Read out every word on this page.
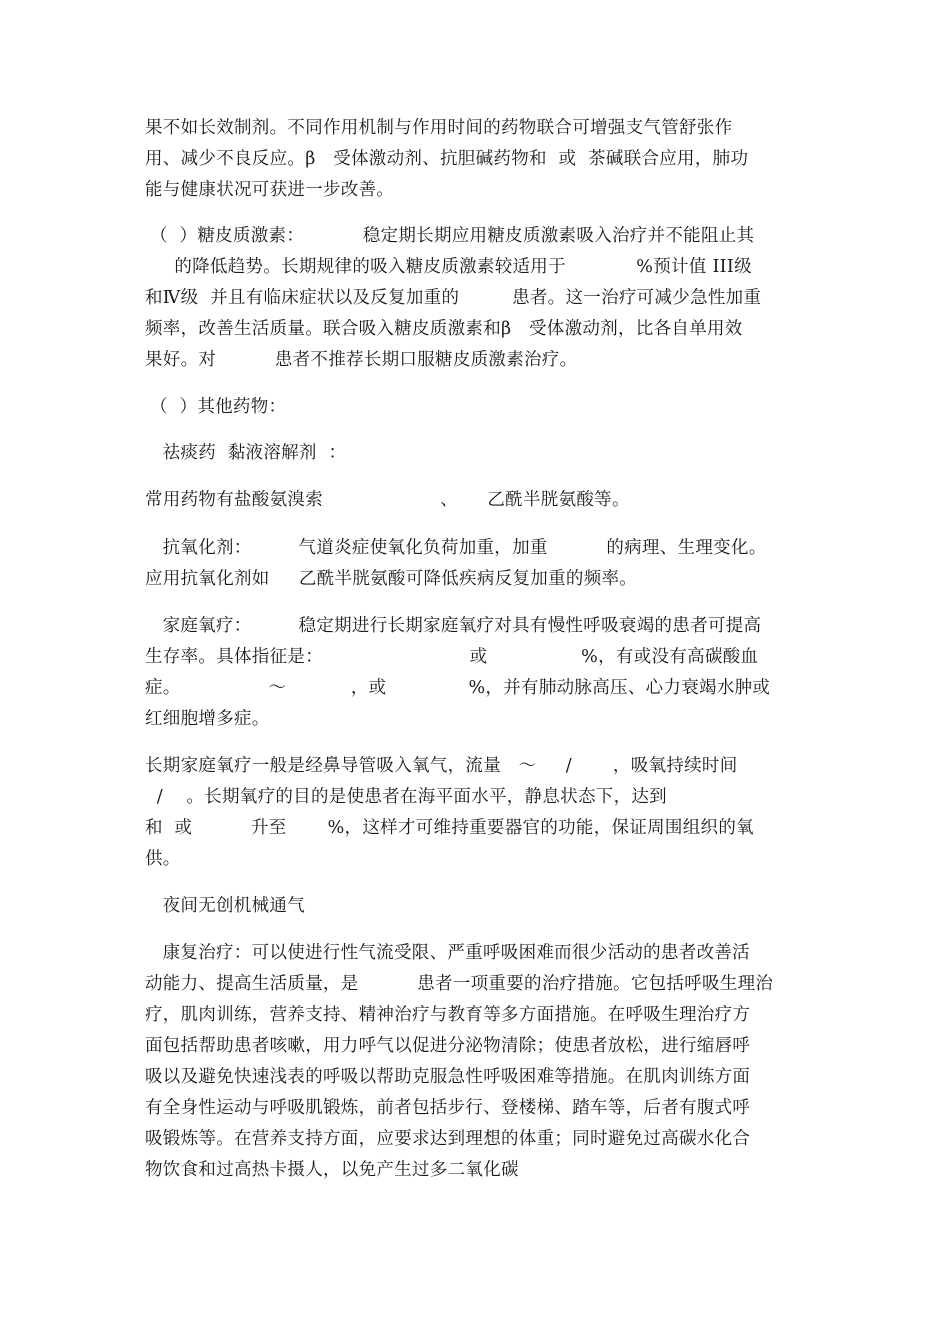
果不如长效制剂。不同作用机制与作用时间的药物联合可增强支气管舒张作
用、减少不良反应。β   受体激动剂、抗胆碱药物和  或  茶碱联合应用，肺功
能与健康状况可获进一步改善。
（  ）糖皮质激素：          稳定期长期应用糖皮质激素吸入治疗并不能阻止其
的降低趋势。长期规律的吸入糖皮质激素较适用于            %预计值 III级
和Ⅳ级  并且有临床症状以及反复加重的         患者。这一治疗可减少急性加重
频率，改善生活质量。联合吸入糖皮质激素和β   受体激动剂，比各自单用效
果好。对          患者不推荐长期口服糖皮质激素治疗。
（  ）其他药物：
祛痰药  黏液溶解剂  ：
常用药物有盐酸氨溴索                    、     乙酰半胱氨酸等。
抗氧化剂：        气道炎症使氧化负荷加重，加重          的病理、生理变化。
应用抗氧化剂如     乙酰半胱氨酸可降低疾病反复加重的频率。
家庭氧疗：        稳定期进行长期家庭氧疗对具有慢性呼吸衰竭的患者可提高
生存率。具体指征是：                         或                %，有或没有高碳酸血
症。               ～           ，或              %，并有肺动脉高压、心力衰竭水肿或
红细胞增多症。
长期家庭氧疗一般是经鼻导管吸入氧气，流量   ～     /       ，吸氧持续时间
/    。长期氧疗的目的是使患者在海平面水平，静息状态下，达到
和  或          升至       %，这样才可维持重要器官的功能，保证周围组织的氧
供。
夜间无创机械通气
康复治疗：可以使进行性气流受限、严重呼吸困难而很少活动的患者改善活
动能力、提高生活质量，是          患者一项重要的治疗措施。它包括呼吸生理治
疗，肌肉训练，营养支持、精神治疗与教育等多方面措施。在呼吸生理治疗方
面包括帮助患者咳嗽，用力呼气以促进分泌物清除；使患者放松，进行缩唇呼
吸以及避免快速浅表的呼吸以帮助克服急性呼吸困难等措施。在肌肉训练方面
有全身性运动与呼吸肌锻炼，前者包括步行、登楼梯、踏车等，后者有腹式呼
吸锻炼等。在营养支持方面，应要求达到理想的体重；同时避免过高碳水化合
物饮食和过高热卡摄人，以免产生过多二氧化碳
